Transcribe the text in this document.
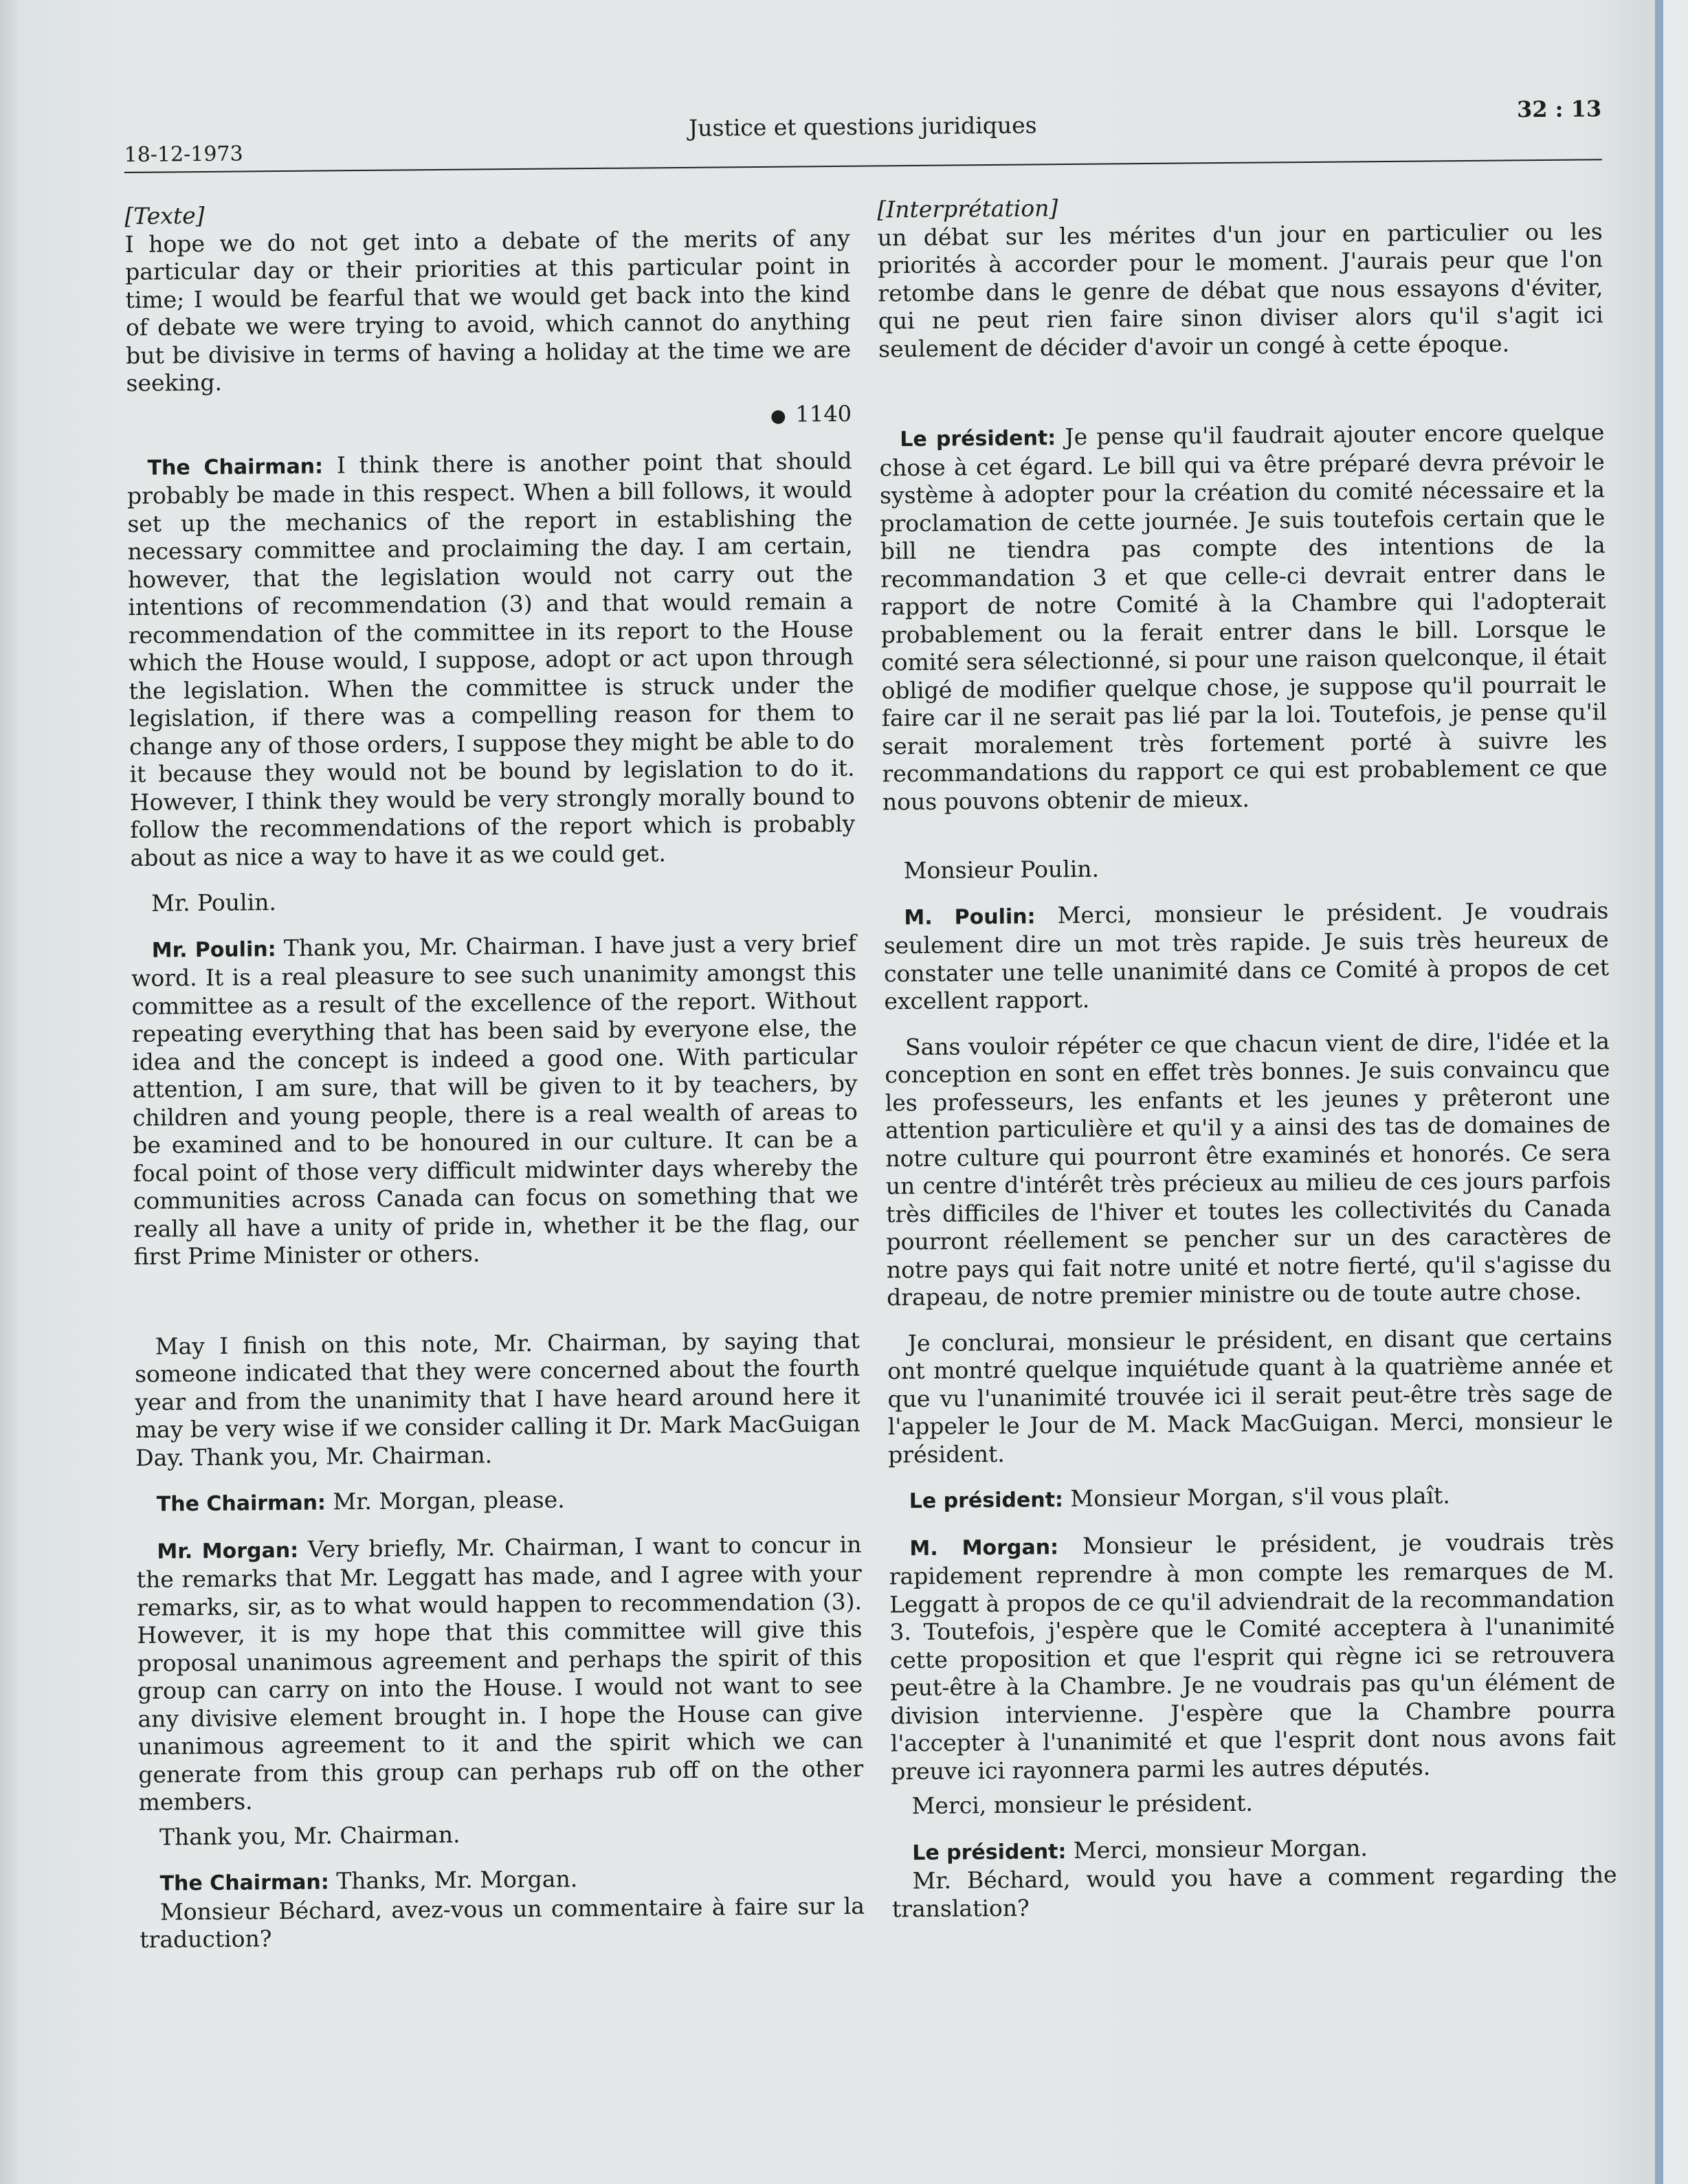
18-12-1973
Justice et questions juridiques
32 : 13

[Texte]

I hope we do not get into a debate of the merits of any particular day or their priorities at this particular point in time; I would be fearful that we would get back into the kind of debate we were trying to avoid, which cannot do anything but be divisive in terms of having a holiday at the time we are seeking.

● 1140

The Chairman: I think there is another point that should probably be made in this respect. When a bill follows, it would set up the mechanics of the report in establishing the necessary committee and proclaiming the day. I am certain, however, that the legislation would not carry out the intentions of recommendation (3) and that would remain a recommendation of the committee in its report to the House which the House would, I suppose, adopt or act upon through the legislation. When the committee is struck under the legislation, if there was a compelling reason for them to change any of those orders, I suppose they might be able to do it because they would not be bound by legislation to do it. However, I think they would be very strongly morally bound to follow the recommendations of the report which is probably about as nice a way to have it as we could get.

Mr. Poulin.

Mr. Poulin: Thank you, Mr. Chairman. I have just a very brief word. It is a real pleasure to see such unanimity amongst this committee as a result of the excellence of the report. Without repeating everything that has been said by everyone else, the idea and the concept is indeed a good one. With particular attention, I am sure, that will be given to it by teachers, by children and young people, there is a real wealth of areas to be examined and to be honoured in our culture. It can be a focal point of those very difficult midwinter days whereby the communities across Canada can focus on something that we really all have a unity of pride in, whether it be the flag, our first Prime Minister or others.

May I finish on this note, Mr. Chairman, by saying that someone indicated that they were concerned about the fourth year and from the unanimity that I have heard around here it may be very wise if we consider calling it Dr. Mark MacGuigan Day. Thank you, Mr. Chairman.

The Chairman: Mr. Morgan, please.

Mr. Morgan: Very briefly, Mr. Chairman, I want to concur in the remarks that Mr. Leggatt has made, and I agree with your remarks, sir, as to what would happen to recommendation (3). However, it is my hope that this committee will give this proposal unanimous agreement and perhaps the spirit of this group can carry on into the House. I would not want to see any divisive element brought in. I hope the House can give unanimous agreement to it and the spirit which we can generate from this group can perhaps rub off on the other members.

Thank you, Mr. Chairman.

The Chairman: Thanks, Mr. Morgan.

Monsieur Béchard, avez-vous un commentaire à faire sur la traduction?

[Interprétation]

un débat sur les mérites d'un jour en particulier ou les priorités à accorder pour le moment. J'aurais peur que l'on retombe dans le genre de débat que nous essayons d'éviter, qui ne peut rien faire sinon diviser alors qu'il s'agit ici seulement de décider d'avoir un congé à cette époque.

Le président: Je pense qu'il faudrait ajouter encore quelque chose à cet égard. Le bill qui va être préparé devra prévoir le système à adopter pour la création du comité nécessaire et la proclamation de cette journée. Je suis toutefois certain que le bill ne tiendra pas compte des intentions de la recommandation 3 et que celle-ci devrait entrer dans le rapport de notre Comité à la Chambre qui l'adopterait probablement ou la ferait entrer dans le bill. Lorsque le comité sera sélectionné, si pour une raison quelconque, il était obligé de modifier quelque chose, je suppose qu'il pourrait le faire car il ne serait pas lié par la loi. Toutefois, je pense qu'il serait moralement très fortement porté à suivre les recommandations du rapport ce qui est probablement ce que nous pouvons obtenir de mieux.

Monsieur Poulin.

M. Poulin: Merci, monsieur le président. Je voudrais seulement dire un mot très rapide. Je suis très heureux de constater une telle unanimité dans ce Comité à propos de cet excellent rapport.

Sans vouloir répéter ce que chacun vient de dire, l'idée et la conception en sont en effet très bonnes. Je suis convaincu que les professeurs, les enfants et les jeunes y prêteront une attention particulière et qu'il y a ainsi des tas de domaines de notre culture qui pourront être examinés et honorés. Ce sera un centre d'intérêt très précieux au milieu de ces jours parfois très difficiles de l'hiver et toutes les collectivités du Canada pourront réellement se pencher sur un des caractères de notre pays qui fait notre unité et notre fierté, qu'il s'agisse du drapeau, de notre premier ministre ou de toute autre chose.

Je conclurai, monsieur le président, en disant que certains ont montré quelque inquiétude quant à la quatrième année et que vu l'unanimité trouvée ici il serait peut-être très sage de l'appeler le Jour de M. Mack MacGuigan. Merci, monsieur le président.

Le président: Monsieur Morgan, s'il vous plaît.

M. Morgan: Monsieur le président, je voudrais très rapidement reprendre à mon compte les remarques de M. Leggatt à propos de ce qu'il adviendrait de la recommandation 3. Toutefois, j'espère que le Comité acceptera à l'unanimité cette proposition et que l'esprit qui règne ici se retrouvera peut-être à la Chambre. Je ne voudrais pas qu'un élément de division intervienne. J'espère que la Chambre pourra l'accepter à l'unanimité et que l'esprit dont nous avons fait preuve ici rayonnera parmi les autres députés.

Merci, monsieur le président.

Le président: Merci, monsieur Morgan.

Mr. Béchard, would you have a comment regarding the translation?
